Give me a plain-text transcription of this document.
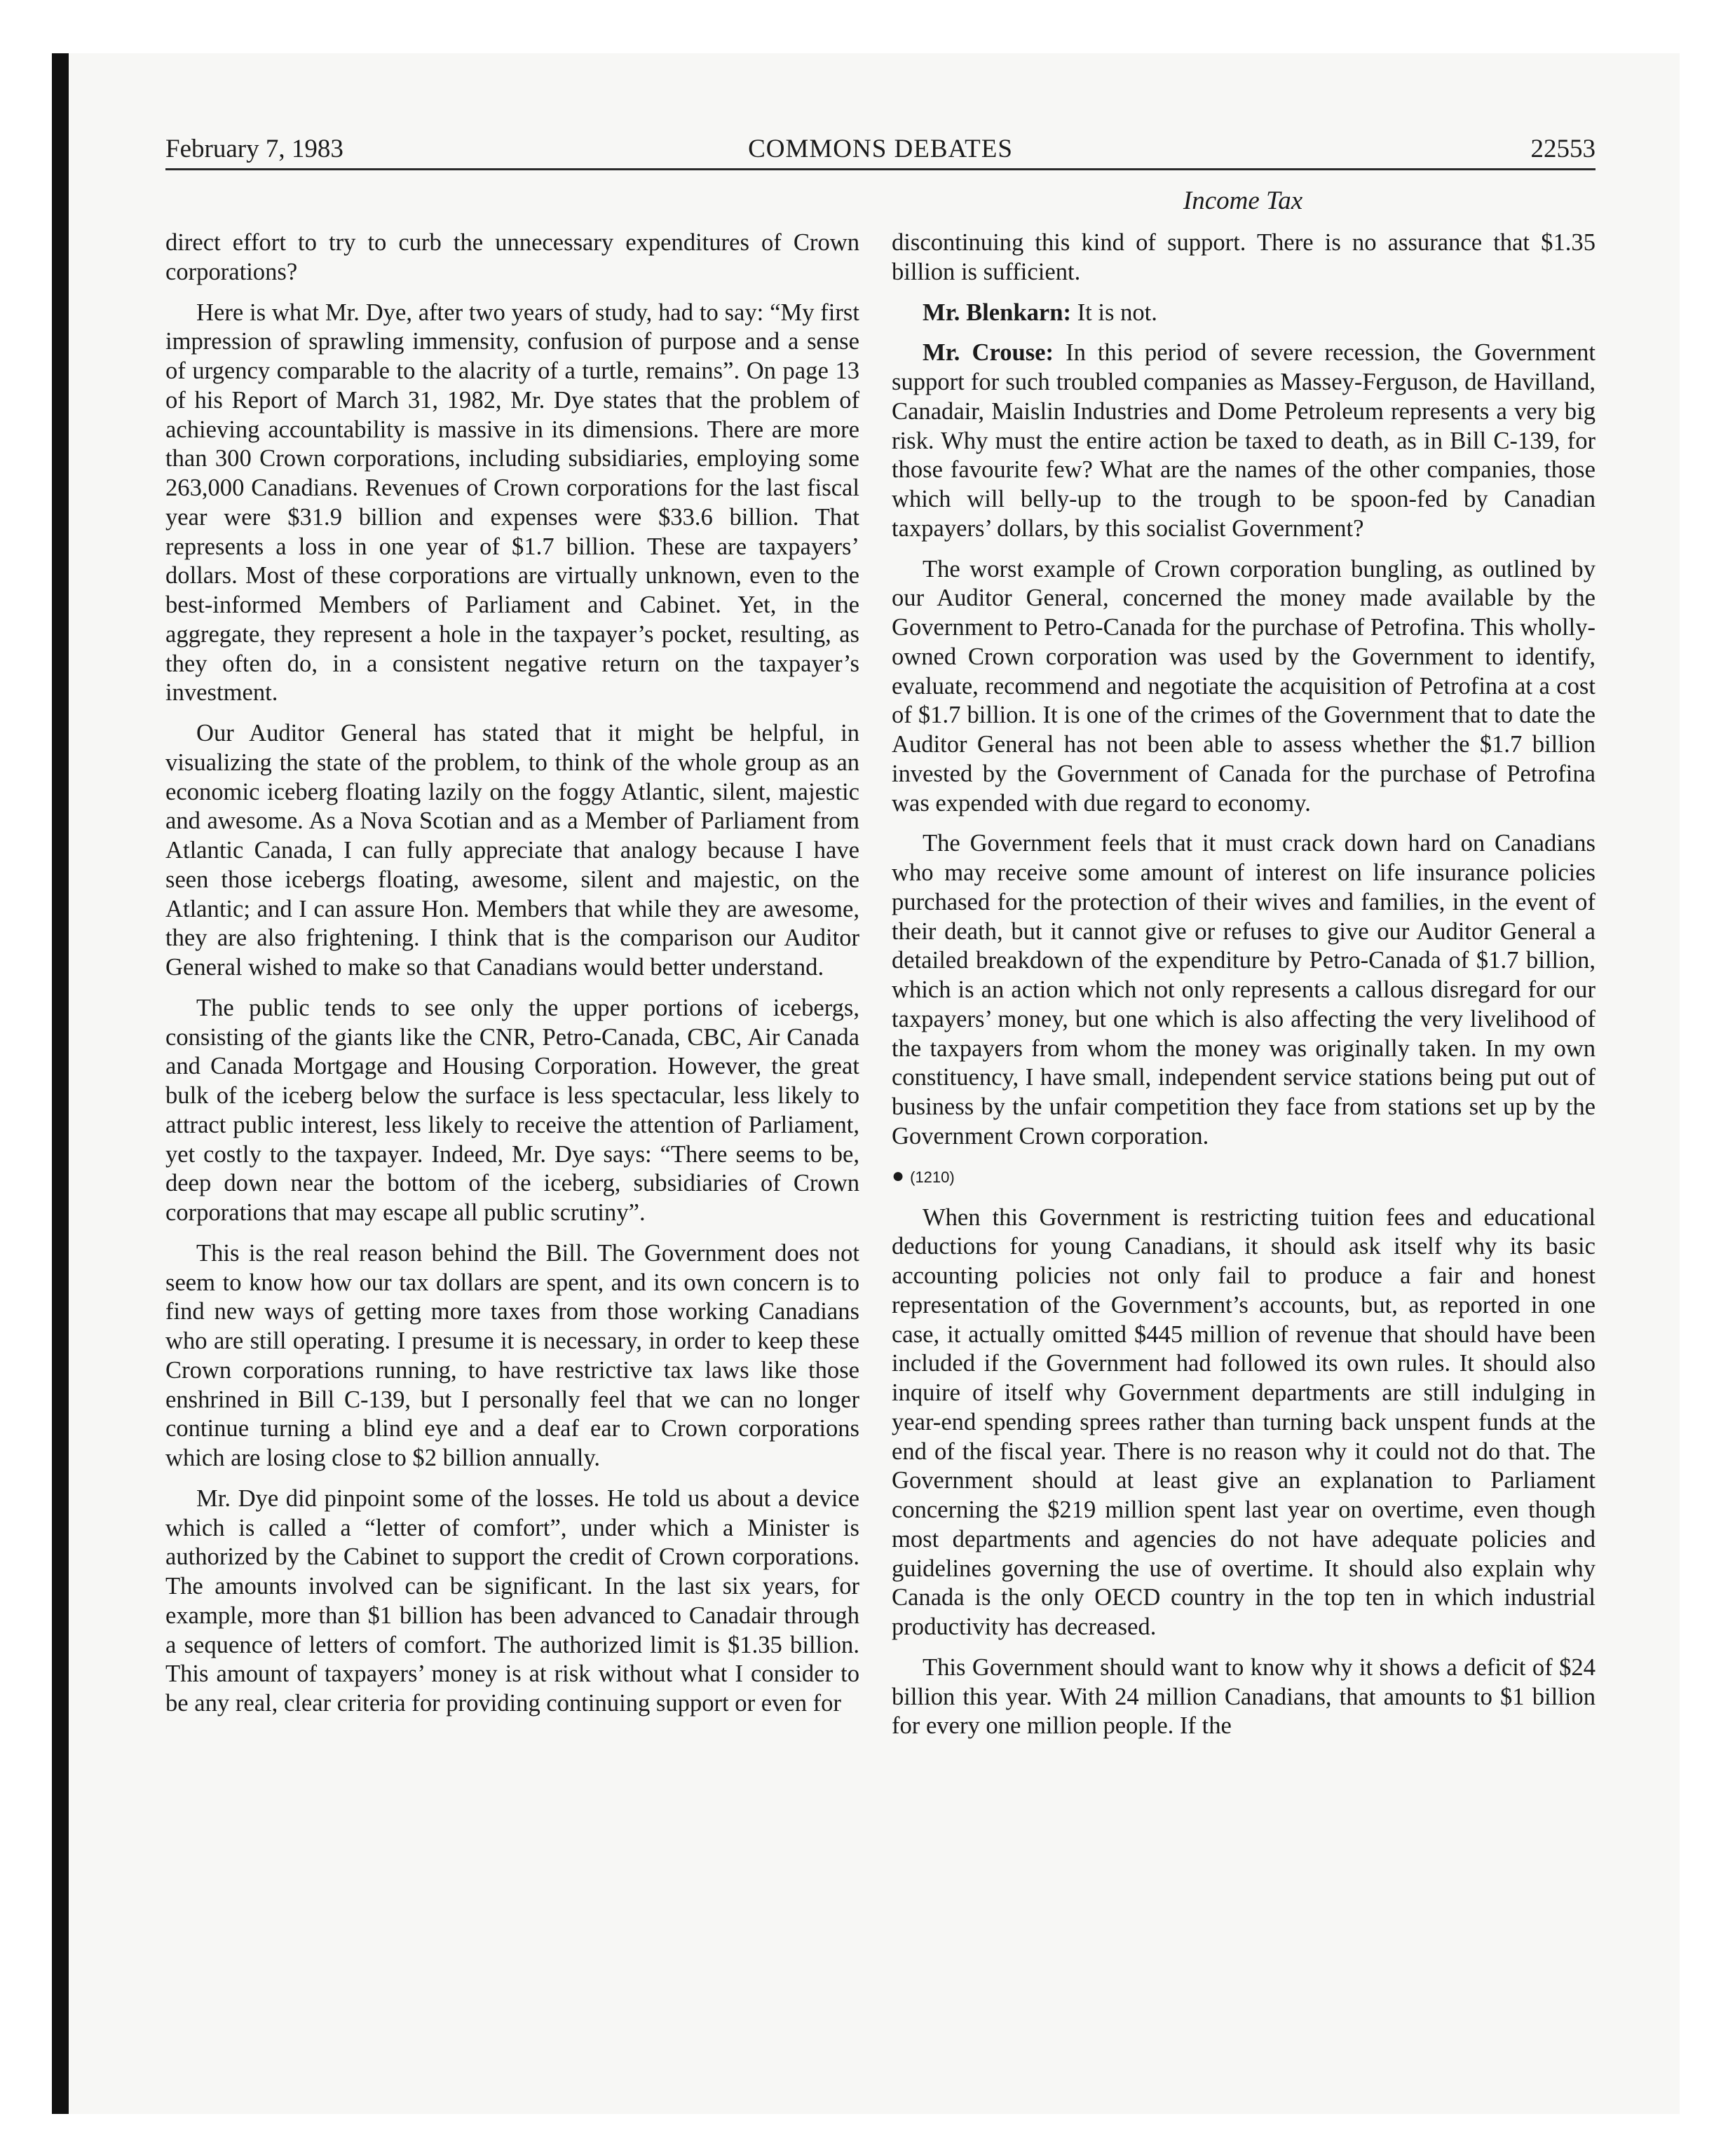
February 7, 1983	COMMONS DEBATES	22553
Income Tax

direct effort to try to curb the unnecessary expenditures of Crown corporations?

Here is what Mr. Dye, after two years of study, had to say: “My first impression of sprawling immensity, confusion of purpose and a sense of urgency comparable to the alacrity of a turtle, remains”. On page 13 of his Report of March 31, 1982, Mr. Dye states that the problem of achieving accountability is massive in its dimensions. There are more than 300 Crown corporations, including subsidiaries, employing some 263,000 Canadians. Revenues of Crown corporations for the last fiscal year were $31.9 billion and expenses were $33.6 billion. That represents a loss in one year of $1.7 billion. These are taxpayers’ dollars. Most of these corporations are virtually unknown, even to the best-informed Members of Parliament and Cabinet. Yet, in the aggregate, they represent a hole in the taxpayer’s pocket, resulting, as they often do, in a consistent negative return on the taxpayer’s investment.

Our Auditor General has stated that it might be helpful, in visualizing the state of the problem, to think of the whole group as an economic iceberg floating lazily on the foggy Atlantic, silent, majestic and awesome. As a Nova Scotian and as a Member of Parliament from Atlantic Canada, I can fully appreciate that analogy because I have seen those icebergs floating, awesome, silent and majestic, on the Atlantic; and I can assure Hon. Members that while they are awesome, they are also frightening. I think that is the comparison our Auditor General wished to make so that Canadians would better understand.

The public tends to see only the upper portions of icebergs, consisting of the giants like the CNR, Petro-Canada, CBC, Air Canada and Canada Mortgage and Housing Corporation. However, the great bulk of the iceberg below the surface is less spectacular, less likely to attract public interest, less likely to receive the attention of Parliament, yet costly to the taxpayer. Indeed, Mr. Dye says: “There seems to be, deep down near the bottom of the iceberg, subsidiaries of Crown corporations that may escape all public scrutiny”.

This is the real reason behind the Bill. The Government does not seem to know how our tax dollars are spent, and its own concern is to find new ways of getting more taxes from those working Canadians who are still operating. I presume it is necessary, in order to keep these Crown corporations running, to have restrictive tax laws like those enshrined in Bill C-139, but I personally feel that we can no longer continue turning a blind eye and a deaf ear to Crown corporations which are losing close to $2 billion annually.

Mr. Dye did pinpoint some of the losses. He told us about a device which is called a “letter of comfort”, under which a Minister is authorized by the Cabinet to support the credit of Crown corporations. The amounts involved can be significant. In the last six years, for example, more than $1 billion has been advanced to Canadair through a sequence of letters of comfort. The authorized limit is $1.35 billion. This amount of taxpayers’ money is at risk without what I consider to be any real, clear criteria for providing continuing support or even for

discontinuing this kind of support. There is no assurance that $1.35 billion is sufficient.

Mr. Blenkarn: It is not.

Mr. Crouse: In this period of severe recession, the Government support for such troubled companies as Massey-Ferguson, de Havilland, Canadair, Maislin Industries and Dome Petroleum represents a very big risk. Why must the entire action be taxed to death, as in Bill C-139, for those favourite few? What are the names of the other companies, those which will belly-up to the trough to be spoon-fed by Canadian taxpayers’ dollars, by this socialist Government?

The worst example of Crown corporation bungling, as outlined by our Auditor General, concerned the money made available by the Government to Petro-Canada for the purchase of Petrofina. This wholly-owned Crown corporation was used by the Government to identify, evaluate, recommend and negotiate the acquisition of Petrofina at a cost of $1.7 billion. It is one of the crimes of the Government that to date the Auditor General has not been able to assess whether the $1.7 billion invested by the Government of Canada for the purchase of Petrofina was expended with due regard to economy.

The Government feels that it must crack down hard on Canadians who may receive some amount of interest on life insurance policies purchased for the protection of their wives and families, in the event of their death, but it cannot give or refuses to give our Auditor General a detailed breakdown of the expenditure by Petro-Canada of $1.7 billion, which is an action which not only represents a callous disregard for our taxpayers’ money, but one which is also affecting the very livelihood of the taxpayers from whom the money was originally taken. In my own constituency, I have small, independent service stations being put out of business by the unfair competition they face from stations set up by the Government Crown corporation.

● (1210)

When this Government is restricting tuition fees and educational deductions for young Canadians, it should ask itself why its basic accounting policies not only fail to produce a fair and honest representation of the Government’s accounts, but, as reported in one case, it actually omitted $445 million of revenue that should have been included if the Government had followed its own rules. It should also inquire of itself why Government departments are still indulging in year-end spending sprees rather than turning back unspent funds at the end of the fiscal year. There is no reason why it could not do that. The Government should at least give an explanation to Parliament concerning the $219 million spent last year on overtime, even though most departments and agencies do not have adequate policies and guidelines governing the use of overtime. It should also explain why Canada is the only OECD country in the top ten in which industrial productivity has decreased.

This Government should want to know why it shows a deficit of $24 billion this year. With 24 million Canadians, that amounts to $1 billion for every one million people. If the
